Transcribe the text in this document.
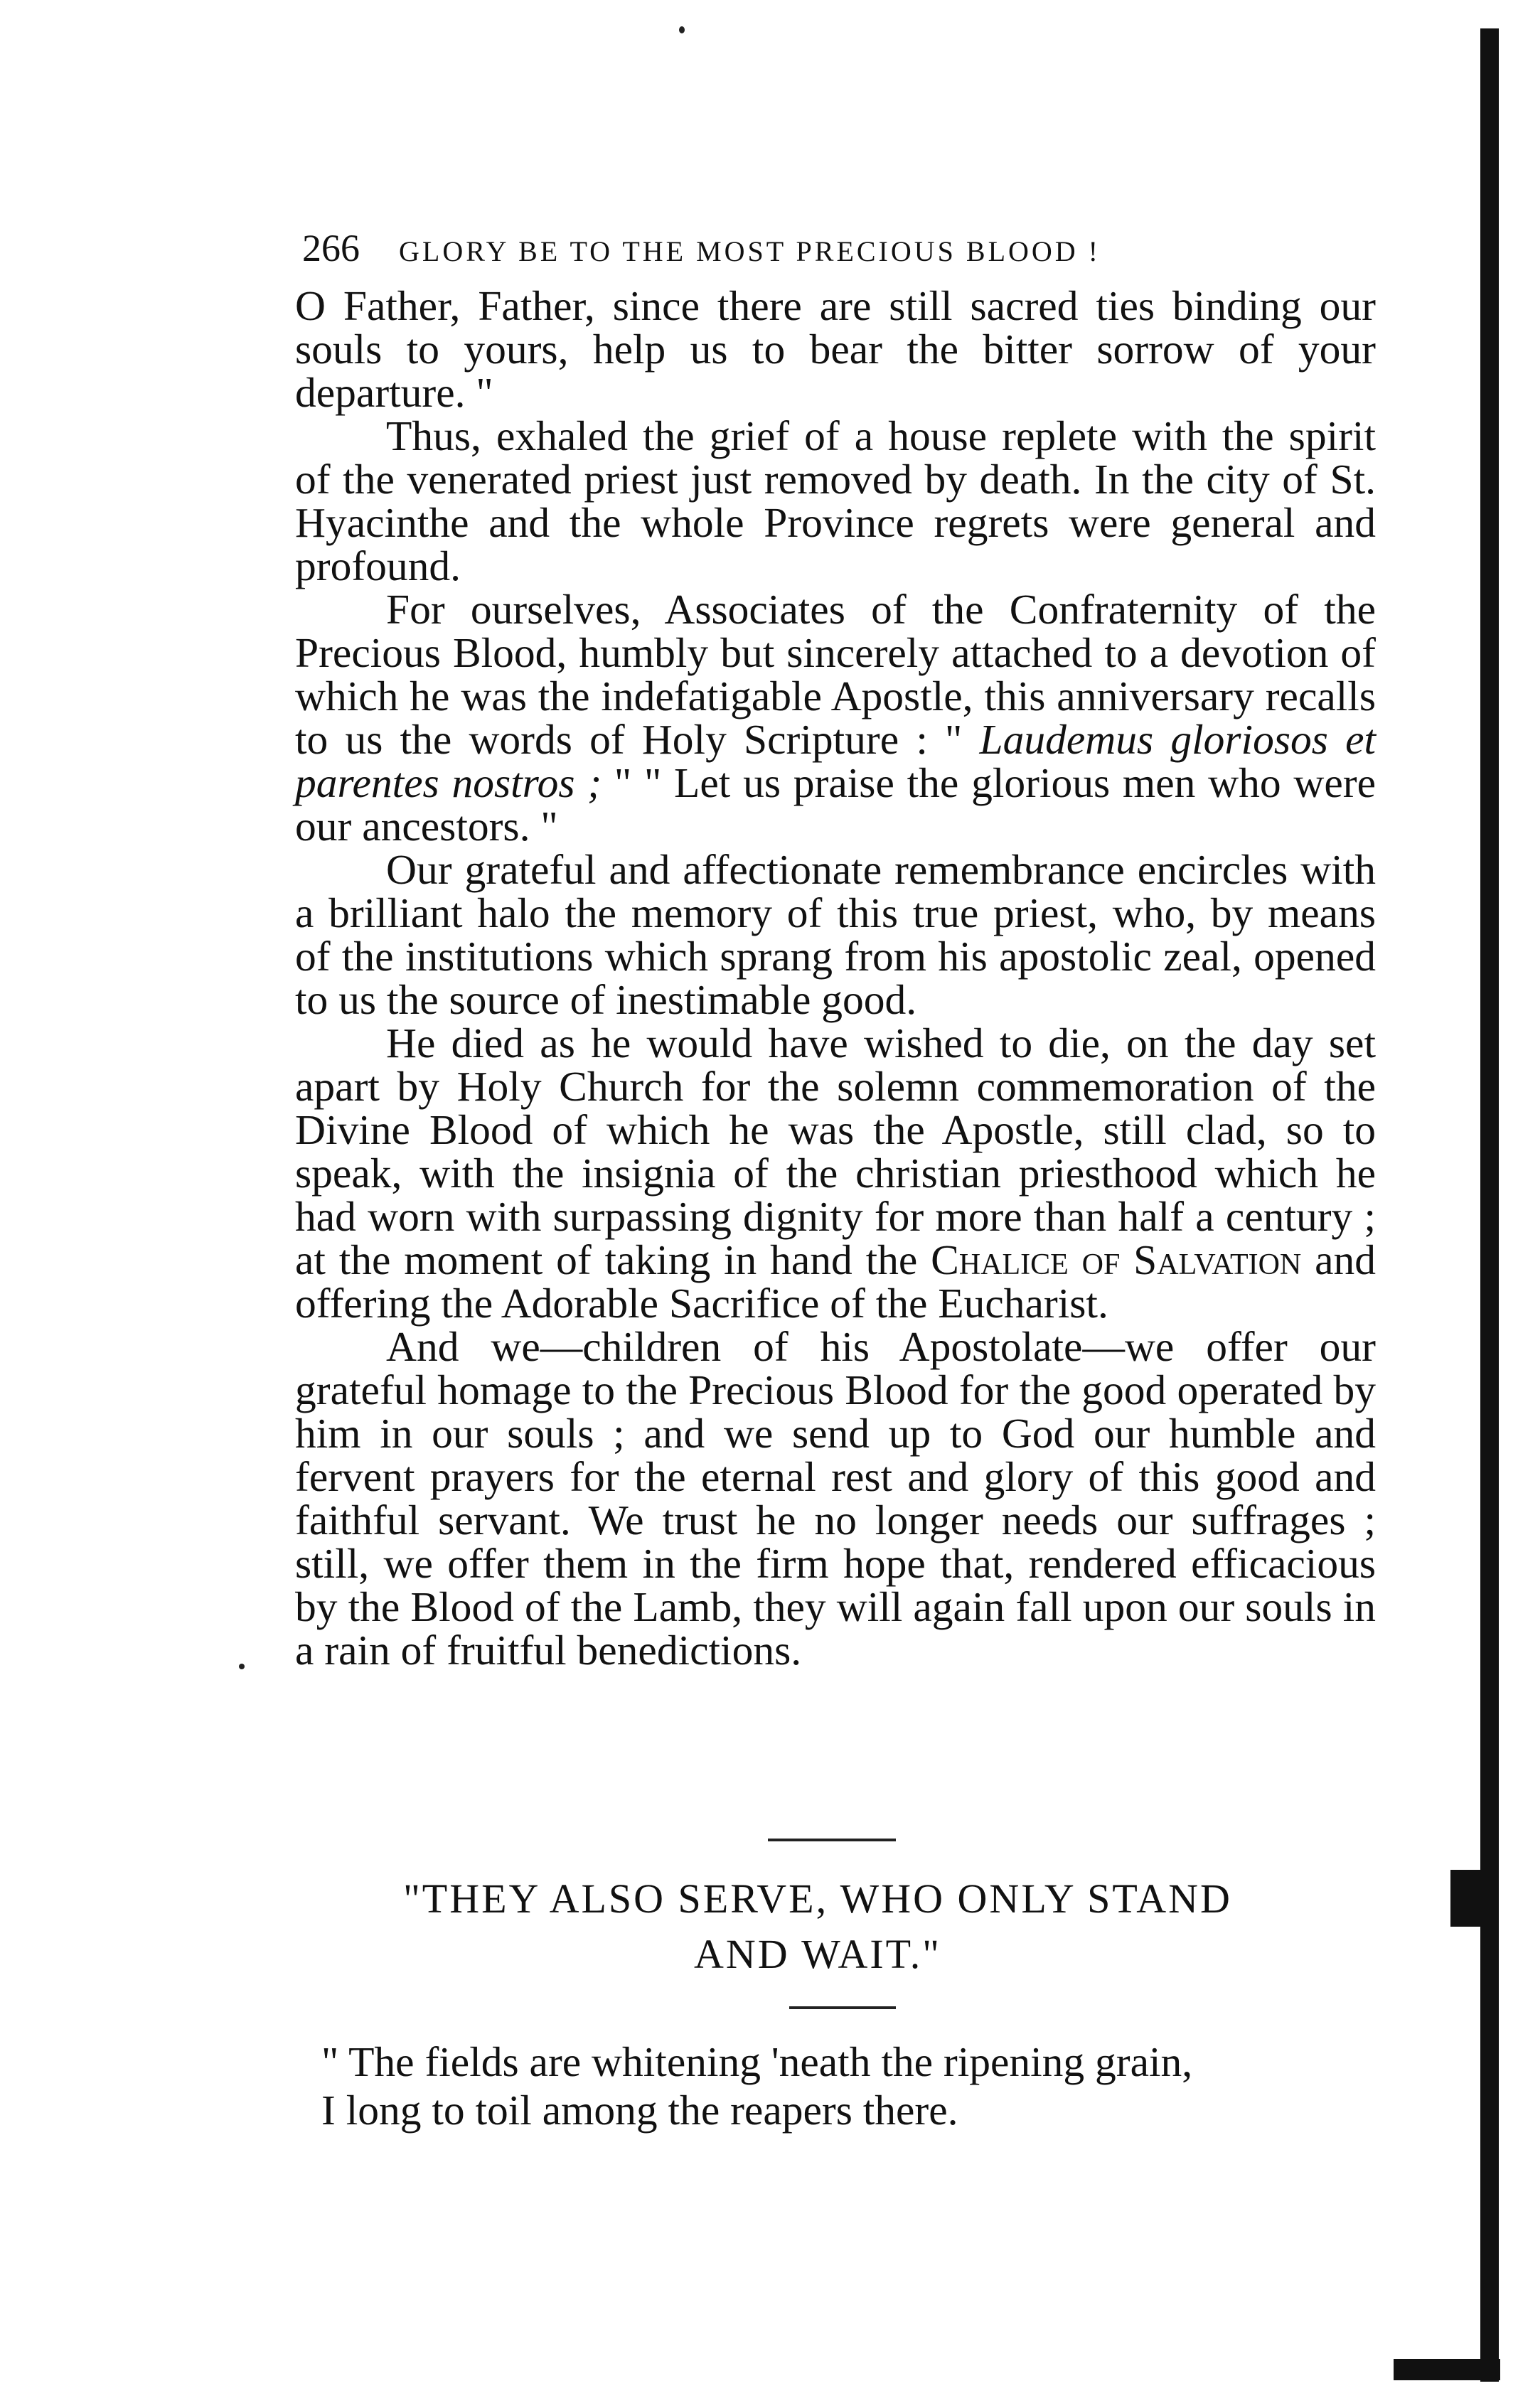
266 GLORY BE TO THE MOST PRECIOUS BLOOD !

O Father, Father, since there are still sacred ties binding our souls to yours, help us to bear the bitter sorrow of your departure. "

Thus, exhaled the grief of a house replete with the spirit of the venerated priest just removed by death. In the city of St. Hyacinthe and the whole Province regrets were general and profound.

For ourselves, Associates of the Confraternity of the Precious Blood, humbly but sincerely attached to a devotion of which he was the indefatigable Apostle, this anniversary recalls to us the words of Holy Scripture : " Laudemus gloriosos et parentes nostros ; " " Let us praise the glorious men who were our ancestors. "

Our grateful and affectionate remembrance encircles with a brilliant halo the memory of this true priest, who, by means of the institutions which sprang from his apostolic zeal, opened to us the source of inestimable good.

He died as he would have wished to die, on the day set apart by Holy Church for the solemn commemoration of the Divine Blood of which he was the Apostle, still clad, so to speak, with the insignia of the christian priesthood which he had worn with surpassing dignity for more than half a century ; at the moment of taking in hand the Chalice of Salvation and offering the Adorable Sacrifice of the Eucharist.

And we—children of his Apostolate—we offer our grateful homage to the Precious Blood for the good operated by him in our souls ; and we send up to God our humble and fervent prayers for the eternal rest and glory of this good and faithful servant. We trust he no longer needs our suffrages ; still, we offer them in the firm hope that, rendered efficacious by the Blood of the Lamb, they will again fall upon our souls in a rain of fruitful benedictions.

"THEY ALSO SERVE, WHO ONLY STAND
AND WAIT."
" The fields are whitening 'neath the ripening grain,
I long to toil among the reapers there.
